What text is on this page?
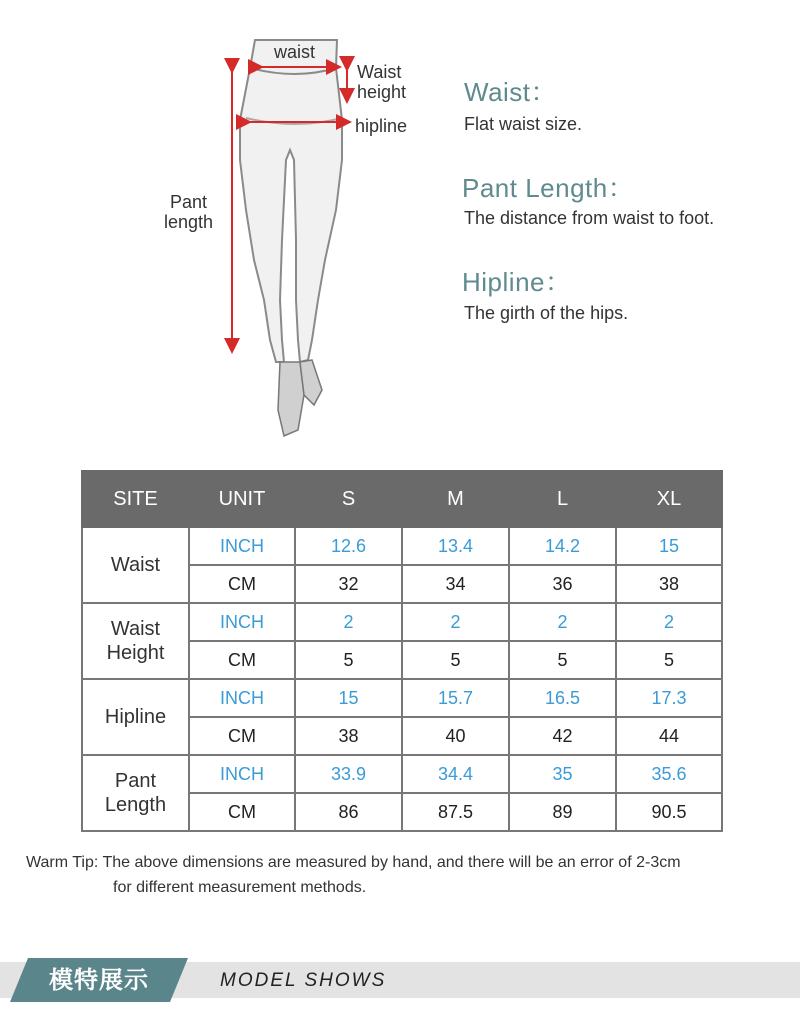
waist
Waist
height
hipline
Pant
length
Waist：
Flat waist size.
Pant Length：
The distance from waist to foot.
Hipline：
The girth of the hips.
SITE	UNIT	S	M	L	XL
Waist	INCH	12.6	13.4	14.2	15
	CM	32	34	36	38

Waist
Height	INCH	2	2	2	2
	CM	5	5	5	5
Hipline	INCH	15	15.7	16.5	17.3
	CM	38	40	42	44

Pant
Length	INCH	33.9	34.4	35	35.6
	CM	86	87.5	89	90.5
Warm Tip: The above dimensions are measured by hand, and there will be an error of 2-3cm
for different measurement methods.
模特展示	MODEL SHOWS
